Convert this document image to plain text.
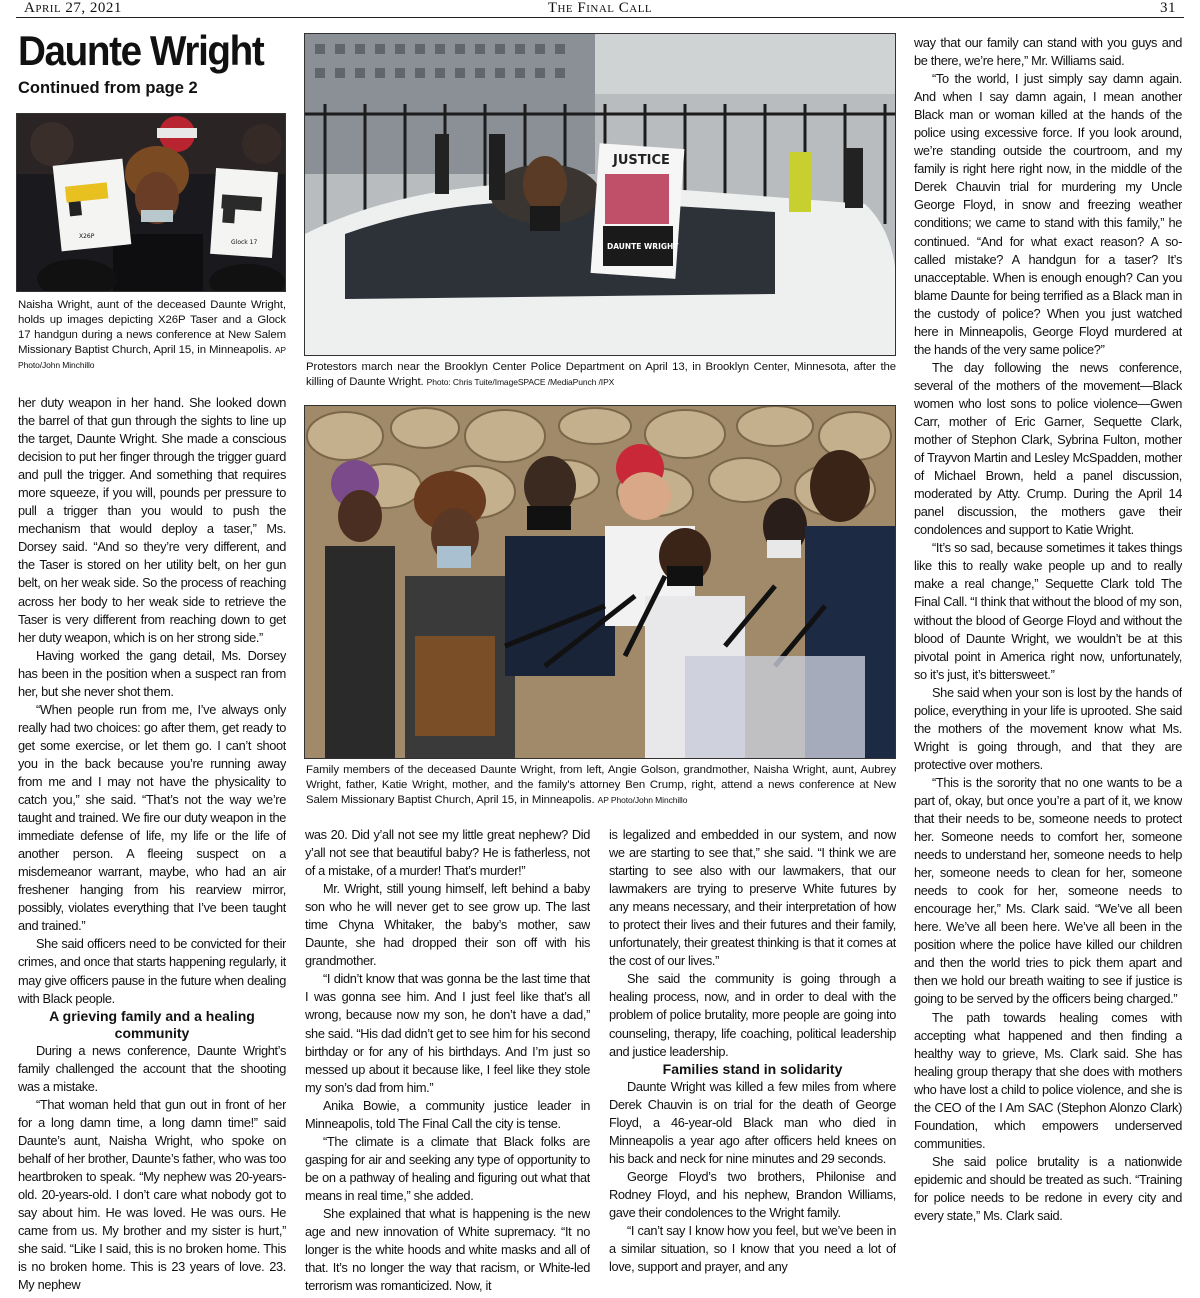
April 27, 2021	The Final Call	31
Daunte Wright
Continued from page 2
X26P
Glock 17
Naisha Wright, aunt of the deceased Daunte Wright, holds up images depicting X26P Taser and a Glock 17 handgun during a news conference at New Salem Missionary Baptist Church, April 15, in Minneapolis. AP Photo/John Minchillo
JUSTICE
DAUNTE WRIGHT
Protestors march near the Brooklyn Center Police Department on April 13, in Brooklyn Center, Minnesota, after the killing of Daunte Wright. Photo: Chris Tuite/ImageSPACE /MediaPunch /IPX
Family members of the deceased Daunte Wright, from left, Angie Golson, grandmother, Naisha Wright, aunt, Aubrey Wright, father, Katie Wright, mother, and the family's attorney Ben Crump, right, attend a news conference at New Salem Missionary Baptist Church, April 15, in Minneapolis. AP Photo/John Minchillo

her duty weapon in her hand. She looked down the barrel of that gun through the sights to line up the target, Daunte Wright. She made a conscious decision to put her finger through the trigger guard and pull the trigger. And something that requires more squeeze, if you will, pounds per pressure to pull a trigger than you would to push the mechanism that would deploy a taser,” Ms. Dorsey said. “And so they’re very different, and the Taser is stored on her utility belt, on her gun belt, on her weak side. So the process of reaching across her body to her weak side to retrieve the Taser is very different from reaching down to get her duty weapon, which is on her strong side.”

Having worked the gang detail, Ms. Dorsey has been in the position when a suspect ran from her, but she never shot them.

“When people run from me, I’ve always only really had two choices: go after them, get ready to get some exercise, or let them go. I can’t shoot you in the back because you’re running away from me and I may not have the physicality to catch you,” she said. “That’s not the way we’re taught and trained. We fire our duty weapon in the immediate defense of life, my life or the life of another person. A fleeing suspect on a misdemeanor warrant, maybe, who had an air freshener hanging from his rearview mirror, possibly, violates everything that I’ve been taught and trained.”

She said officers need to be convicted for their crimes, and once that starts happening regularly, it may give officers pause in the future when dealing with Black people.

A grieving family and a healing community

During a news conference, Daunte Wright’s family challenged the account that the shooting was a mistake.

“That woman held that gun out in front of her for a long damn time, a long damn time!” said Daunte’s aunt, Naisha Wright, who spoke on behalf of her brother, Daunte’s father, who was too heartbroken to speak. “My nephew was 20-years-old. 20-years-old. I don’t care what nobody got to say about him. He was loved. He was ours. He came from us. My brother and my sister is hurt,” she said. “Like I said, this is no broken home. This is no broken home. This is 23 years of love. 23. My nephew

was 20. Did y’all not see my little great nephew? Did y’all not see that beautiful baby? He is fatherless, not of a mistake, of a murder! That’s murder!”

Mr. Wright, still young himself, left behind a baby son who he will never get to see grow up. The last time Chyna Whitaker, the baby’s mother, saw Daunte, she had dropped their son off with his grandmother.

“I didn’t know that was gonna be the last time that I was gonna see him. And I just feel like that’s all wrong, because now my son, he don’t have a dad,” she said. “His dad didn’t get to see him for his second birthday or for any of his birthdays. And I’m just so messed up about it because like, I feel like they stole my son’s dad from him.”

Anika Bowie, a community justice leader in Minneapolis, told The Final Call the city is tense.

“The climate is a climate that Black folks are gasping for air and seeking any type of opportunity to be on a pathway of healing and figuring out what that means in real time,” she added.

She explained that what is happening is the new age and new innovation of White supremacy. “It no longer is the white hoods and white masks and all of that. It’s no longer the way that racism, or White-led terrorism was romanticized. Now, it

is legalized and embedded in our system, and now we are starting to see that,” she said. “I think we are starting to see also with our lawmakers, that our lawmakers are trying to preserve White futures by any means necessary, and their interpretation of how to protect their lives and their futures and their family, unfortunately, their greatest thinking is that it comes at the cost of our lives.”

She said the community is going through a healing process, now, and in order to deal with the problem of police brutality, more people are going into counseling, therapy, life coaching, political leadership and justice leadership.

Families stand in solidarity

Daunte Wright was killed a few miles from where Derek Chauvin is on trial for the death of George Floyd, a 46-year-old Black man who died in Minneapolis a year ago after officers held knees on his back and neck for nine minutes and 29 seconds.

George Floyd’s two brothers, Philonise and Rodney Floyd, and his nephew, Brandon Williams, gave their condolences to the Wright family.

“I can’t say I know how you feel, but we’ve been in a similar situation, so I know that you need a lot of love, support and prayer, and any

way that our family can stand with you guys and be there, we’re here,” Mr. Williams said.

“To the world, I just simply say damn again. And when I say damn again, I mean another Black man or woman killed at the hands of the police using excessive force. If you look around, we’re standing outside the courtroom, and my family is right here right now, in the middle of the Derek Chauvin trial for murdering my Uncle George Floyd, in snow and freezing weather conditions; we came to stand with this family,” he continued. “And for what exact reason? A so-called mistake? A handgun for a taser? It’s unacceptable. When is enough enough? Can you blame Daunte for being terrified as a Black man in the custody of police? When you just watched here in Minneapolis, George Floyd murdered at the hands of the very same police?”

The day following the news conference, several of the mothers of the movement—Black women who lost sons to police violence—Gwen Carr, mother of Eric Garner, Sequette Clark, mother of Stephon Clark, Sybrina Fulton, mother of Trayvon Martin and Lesley McSpadden, mother of Michael Brown, held a panel discussion, moderated by Atty. Crump. During the April 14 panel discussion, the mothers gave their condolences and support to Katie Wright.

“It’s so sad, because sometimes it takes things like this to really wake people up and to really make a real change,” Sequette Clark told The Final Call. “I think that without the blood of my son, without the blood of George Floyd and without the blood of Daunte Wright, we wouldn’t be at this pivotal point in America right now, unfortunately, so it’s just, it’s bittersweet.”

She said when your son is lost by the hands of police, everything in your life is uprooted. She said the mothers of the movement know what Ms. Wright is going through, and that they are protective over mothers.

“This is the sorority that no one wants to be a part of, okay, but once you’re a part of it, we know that their needs to be, someone needs to protect her. Someone needs to comfort her, someone needs to understand her, someone needs to help her, someone needs to clean for her, someone needs to cook for her, someone needs to encourage her,” Ms. Clark said. “We’ve all been here. We’ve all been here. We’ve all been in the position where the police have killed our children and then the world tries to pick them apart and then we hold our breath waiting to see if justice is going to be served by the officers being charged.”

The path towards healing comes with accepting what happened and then finding a healthy way to grieve, Ms. Clark said. She has healing group therapy that she does with mothers who have lost a child to police violence, and she is the CEO of the I Am SAC (Stephon Alonzo Clark) Foundation, which empowers underserved communities.

She said police brutality is a nationwide epidemic and should be treated as such. “Training for police needs to be redone in every city and every state,” Ms. Clark said.
